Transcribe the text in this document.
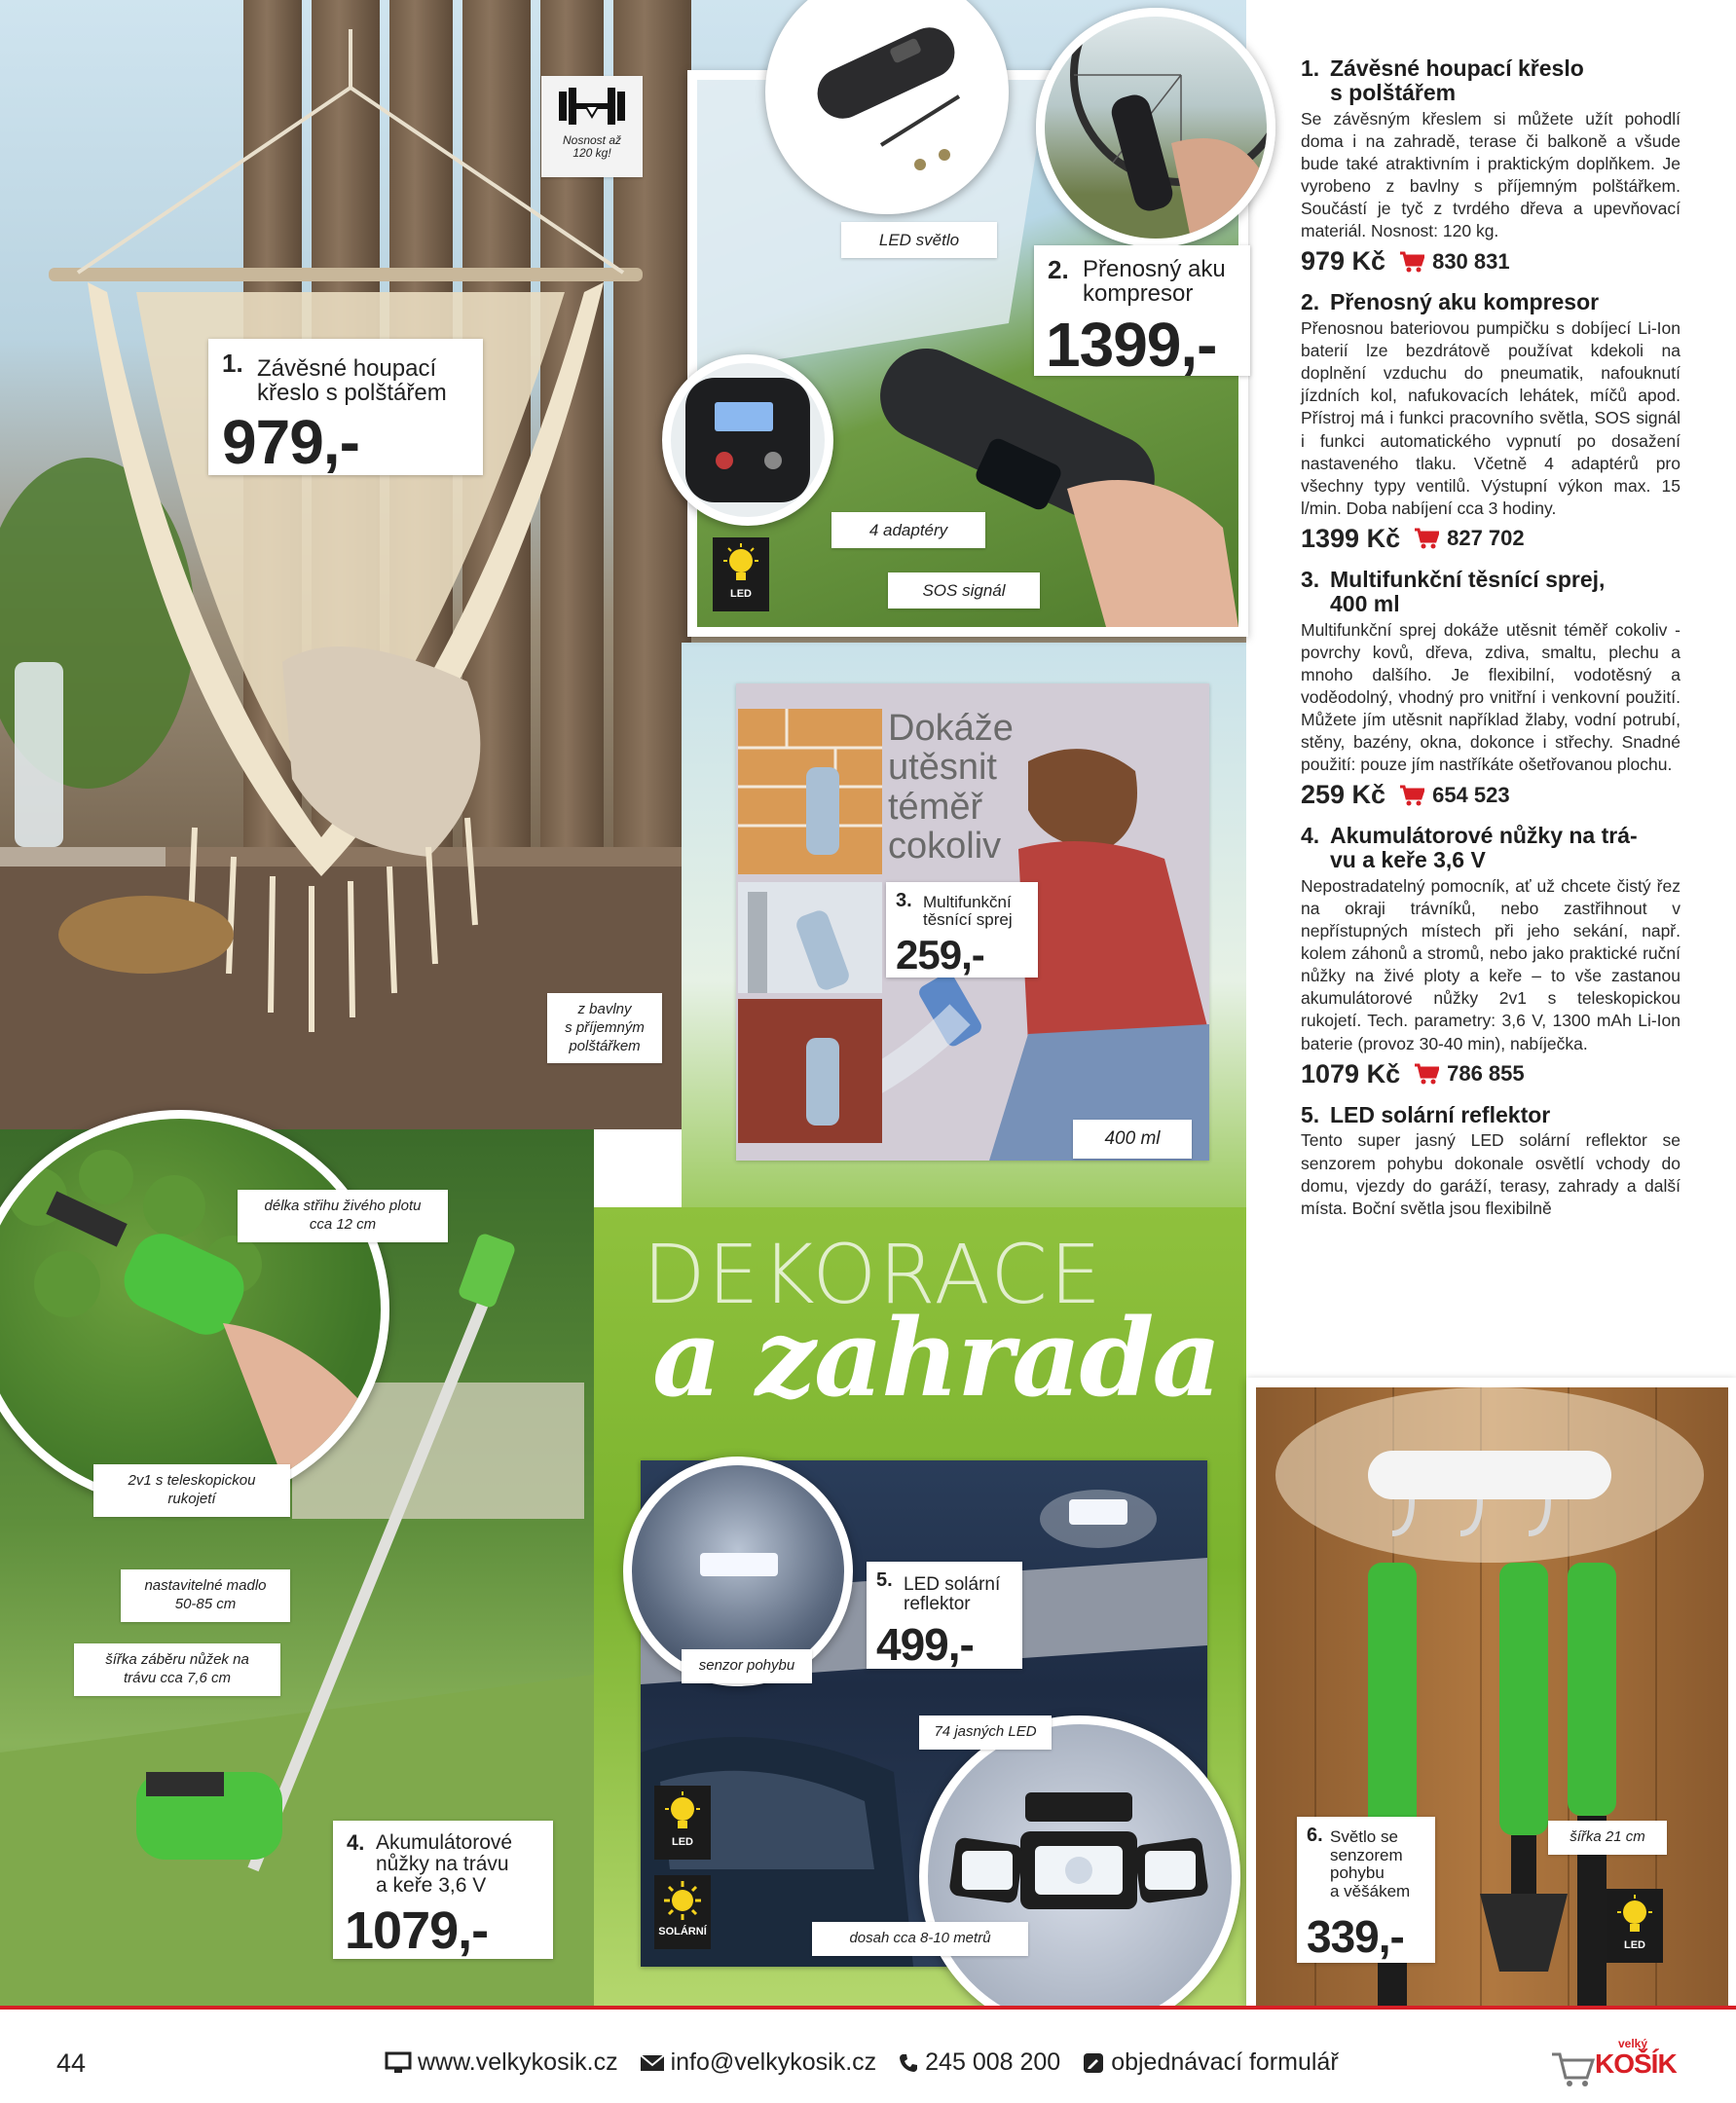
Dokáže
utěsnit
téměř
cokoliv
DEKORACE
a zahrada
1. Závěsné houpací
křeslo s polštářem
979,-
2. Přenosný aku
kompresor
1399,-
3. Multifunkční
těsnící sprej
259,-
4. Akumulátorové
nůžky na trávu
a keře 3,6 V
1079,-
5. LED solární
reflektor
499,-
6. Světlo se
senzorem
pohybu
a věšákem
339,-
Nosnost až
120 kg!
LED světlo
4 adaptéry
SOS signál
z bavlny
s příjemným
polštářkem
400 ml
délka střihu živého plotu
cca 12 cm
2v1 s teleskopickou
rukojetí
nastavitelné madlo
50-85 cm
šířka záběru nůžek na
trávu cca 7,6 cm
senzor pohybu
74 jasných LED
dosah cca 8-10 metrů
šířka 21 cm
LED
LED
SOLÁRNÍ
LED
1. Závěsné houpací křeslo
s polštářem

Se závěsným křeslem si můžete užít pohodlí doma i na zahradě, terase či balkoně a všude bude také atraktivním i praktickým doplňkem. Je vyrobeno z bavlny s příjemným polštářkem. Součástí je tyč z tvrdého dřeva a upevňovací materiál. Nosnost: 120 kg.

979 Kč 830 831
2. Přenosný aku kompresor

Přenosnou bateriovou pumpičku s dobíjecí Li-Ion baterií lze bezdrátově používat kdekoli na doplnění vzduchu do pneumatik, nafouknutí jízdních kol, nafukovacích lehátek, míčů apod. Přístroj má i funkci pracovního světla, SOS signál i funkci automatického vypnutí po dosažení nastaveného tlaku. Včetně 4 adaptérů pro všechny typy ventilů. Výstupní výkon max. 15 l/min. Doba nabíjení cca 3 hodiny.

1399 Kč 827 702
3. Multifunkční těsnící sprej,
400 ml

Multifunkční sprej dokáže utěsnit téměř cokoliv - povrchy kovů, dřeva, zdiva, smaltu, plechu a mnoho dalšího. Je flexibilní, vodotěsný a voděodolný, vhodný pro vnitřní i venkovní použití. Můžete jím utěsnit například žlaby, vodní potrubí, stěny, bazény, okna, dokonce i střechy. Snadné použití: pouze jím nastříkáte ošetřovanou plochu.

259 Kč 654 523
4. Akumulátorové nůžky na trá-
vu a keře 3,6 V

Nepostradatelný pomocník, ať už chcete čistý řez na okraji trávníků, nebo zastřihnout v nepřístupných místech při jeho sekání, např. kolem záhonů a stromů, nebo jako praktické ruční nůžky na živé ploty a keře – to vše zastanou akumulátorové nůžky 2v1 s teleskopickou rukojetí. Tech. parametry: 3,6 V, 1300 mAh Li-Ion baterie (provoz 30-40 min), nabíječka.

1079 Kč 786 855
5. LED solární reflektor

Tento super jasný LED solární reflektor se senzorem pohybu dokonale osvětlí vchody do domu, vjezdy do garáží, terasy, zahrady a další místa. Boční světla jsou flexibilně

44	www.velkykosik.cz info@velkykosik.cz 245 008 200 objednávací formulář
velký
KOŠÍK
